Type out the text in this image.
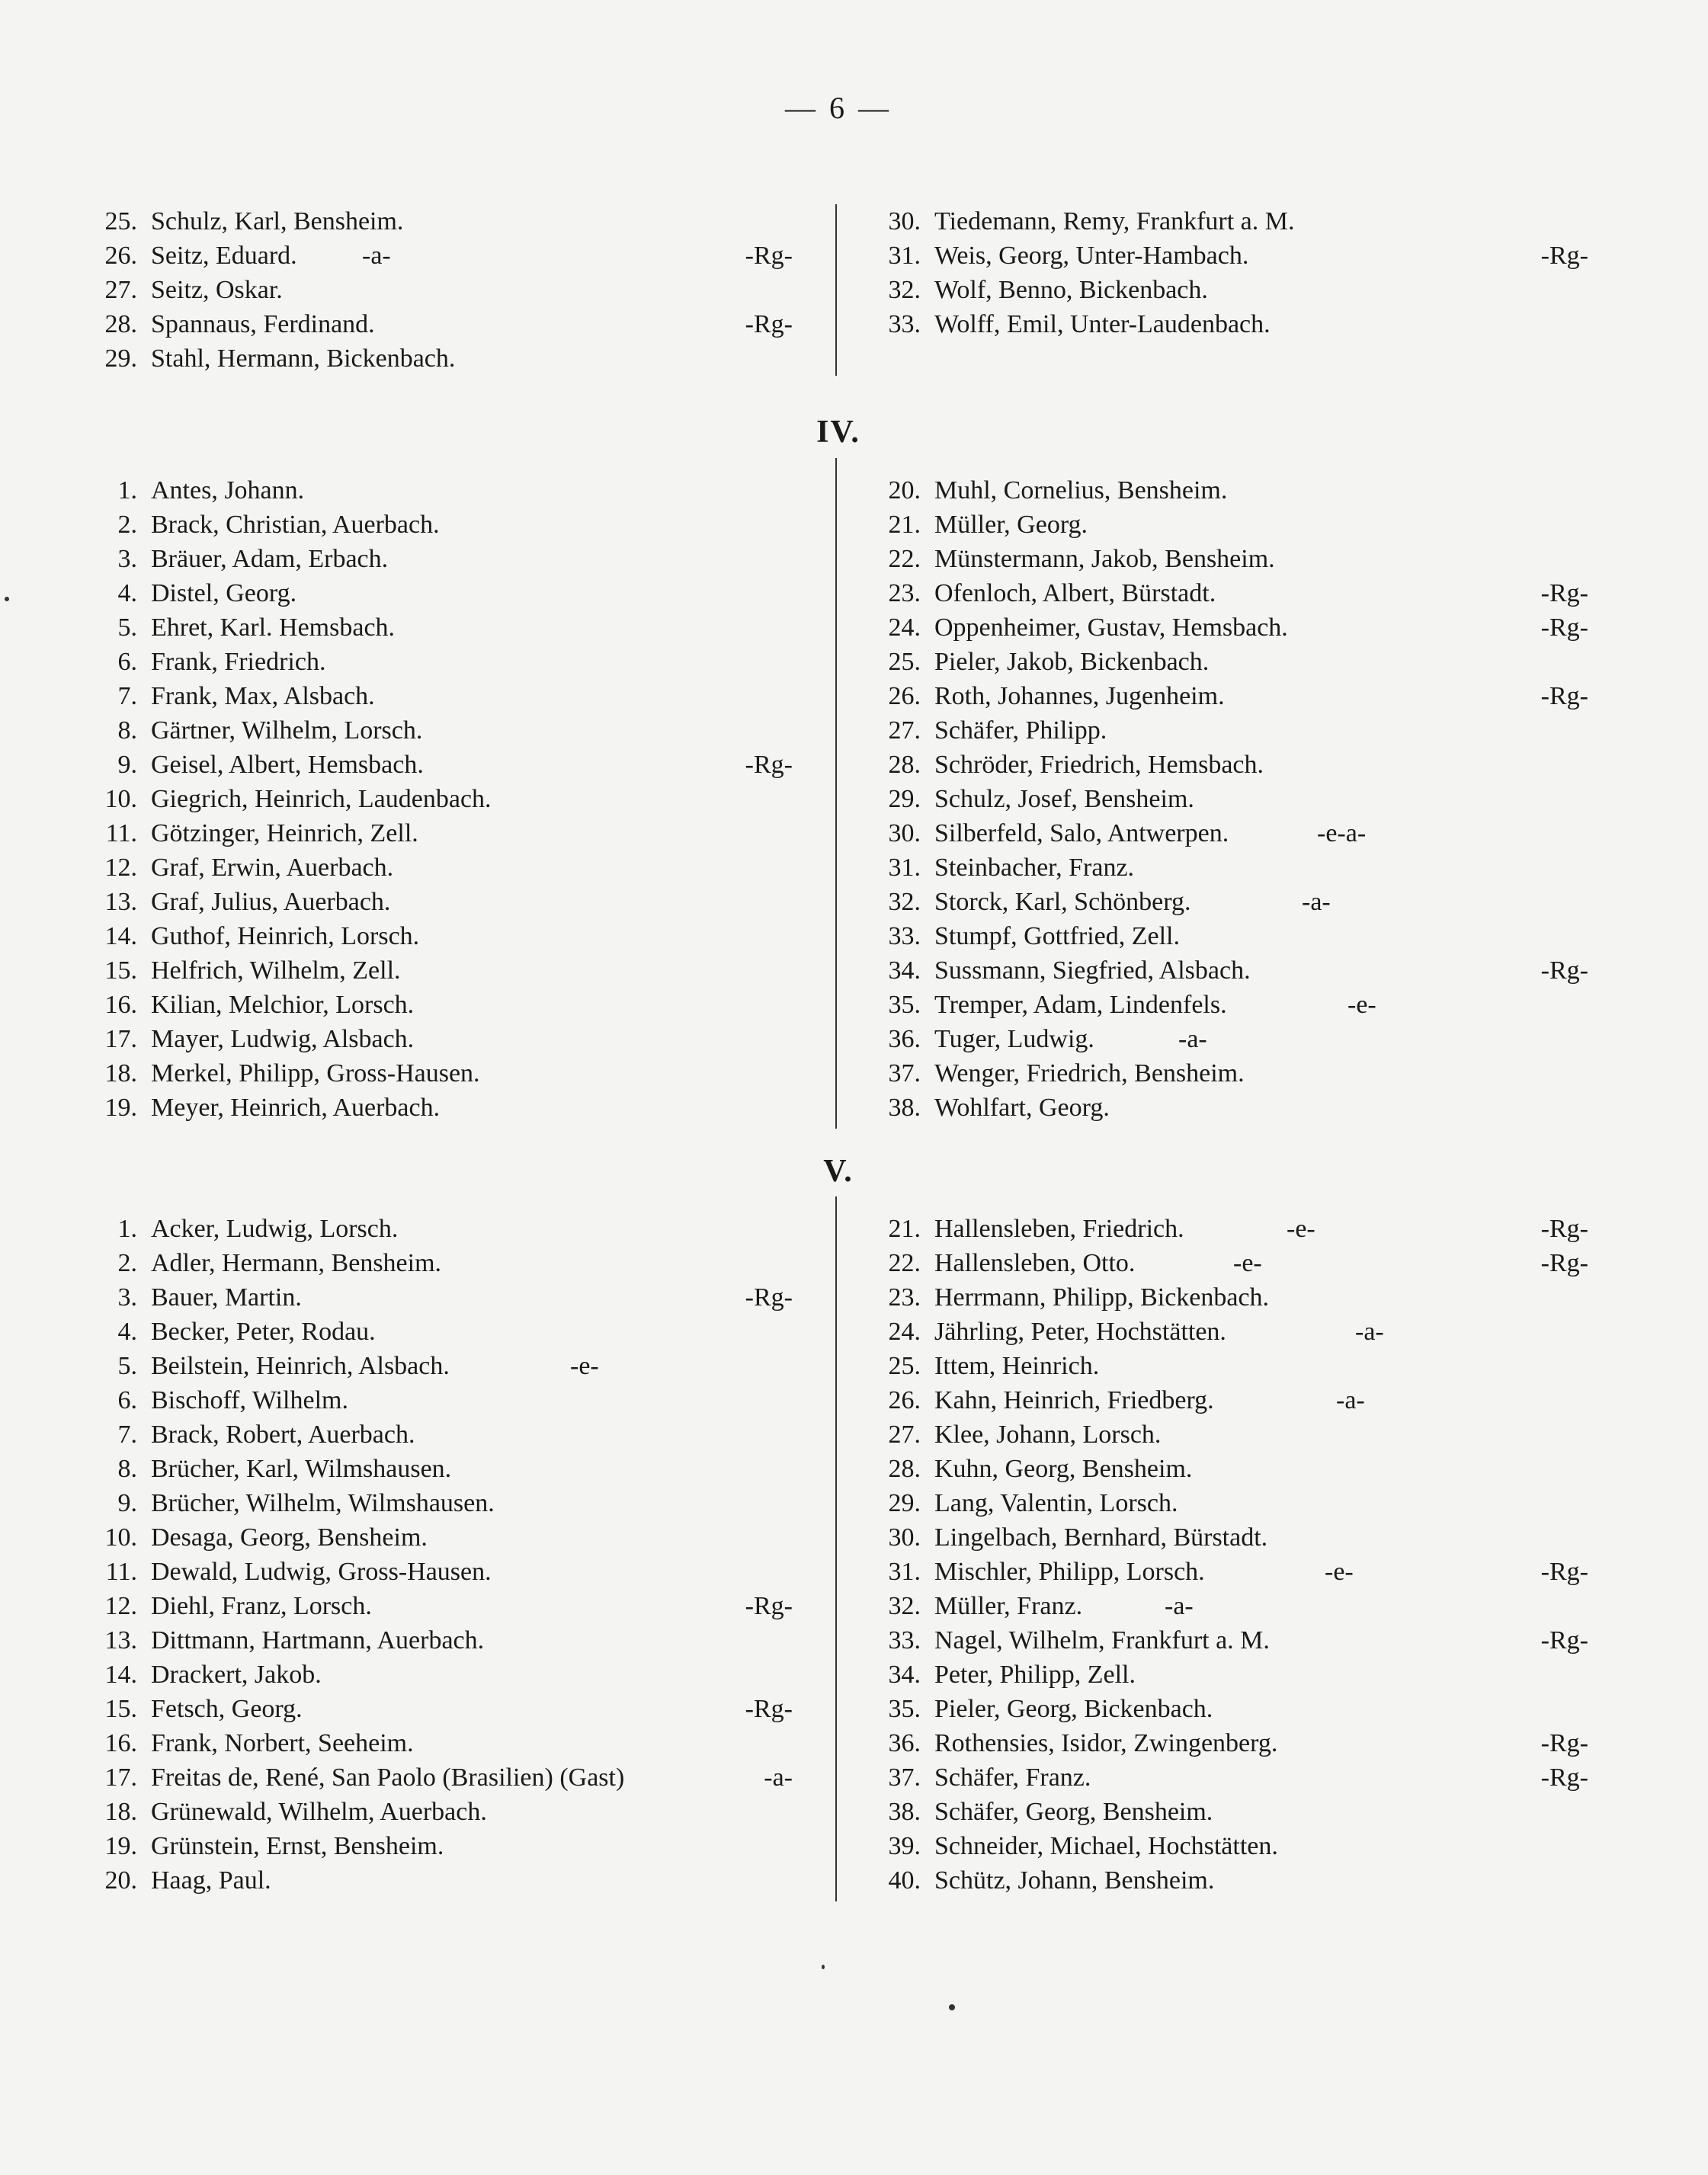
— 6 —
25. Schulz, Karl, Bensheim.
26. Seitz, Eduard.	-a-	-Rg-
27. Seitz, Oskar.
28. Spannaus, Ferdinand.	-Rg-
29. Stahl, Hermann, Bickenbach.
30. Tiedemann, Remy, Frankfurt a. M.
31. Weis, Georg, Unter-Hambach.	-Rg-
32. Wolf, Benno, Bickenbach.
33. Wolff, Emil, Unter-Laudenbach.
IV.
1. Antes, Johann.
2. Brack, Christian, Auerbach.
3. Bräuer, Adam, Erbach.
4. Distel, Georg.
5. Ehret, Karl. Hemsbach.
6. Frank, Friedrich.
7. Frank, Max, Alsbach.
8. Gärtner, Wilhelm, Lorsch.
9. Geisel, Albert, Hemsbach.	-Rg-
10. Giegrich, Heinrich, Laudenbach.
11. Götzinger, Heinrich, Zell.
12. Graf, Erwin, Auerbach.
13. Graf, Julius, Auerbach.
14. Guthof, Heinrich, Lorsch.
15. Helfrich, Wilhelm, Zell.
16. Kilian, Melchior, Lorsch.
17. Mayer, Ludwig, Alsbach.
18. Merkel, Philipp, Gross-Hausen.
19. Meyer, Heinrich, Auerbach.
20. Muhl, Cornelius, Bensheim.
21. Müller, Georg.
22. Münstermann, Jakob, Bensheim.
23. Ofenloch, Albert, Bürstadt.	-Rg-
24. Oppenheimer, Gustav, Hemsbach.	-Rg-
25. Pieler, Jakob, Bickenbach.
26. Roth, Johannes, Jugenheim.	-Rg-
27. Schäfer, Philipp.
28. Schröder, Friedrich, Hemsbach.
29. Schulz, Josef, Bensheim.
30. Silberfeld, Salo, Antwerpen.	-e-a-
31. Steinbacher, Franz.
32. Storck, Karl, Schönberg.	-a-
33. Stumpf, Gottfried, Zell.
34. Sussmann, Siegfried, Alsbach.	-Rg-
35. Tremper, Adam, Lindenfels.	-e-
36. Tuger, Ludwig.	-a-
37. Wenger, Friedrich, Bensheim.
38. Wohlfart, Georg.
V.
1. Acker, Ludwig, Lorsch.
2. Adler, Hermann, Bensheim.
3. Bauer, Martin.	-Rg-
4. Becker, Peter, Rodau.
5. Beilstein, Heinrich, Alsbach.	-e-
6. Bischoff, Wilhelm.
7. Brack, Robert, Auerbach.
8. Brücher, Karl, Wilmshausen.
9. Brücher, Wilhelm, Wilmshausen.
10. Desaga, Georg, Bensheim.
11. Dewald, Ludwig, Gross-Hausen.
12. Diehl, Franz, Lorsch.	-Rg-
13. Dittmann, Hartmann, Auerbach.
14. Drackert, Jakob.
15. Fetsch, Georg.	-Rg-
16. Frank, Norbert, Seeheim.
17. Freitas de, René, San Paolo (Brasilien) (Gast)	-a-
18. Grünewald, Wilhelm, Auerbach.
19. Grünstein, Ernst, Bensheim.
20. Haag, Paul.
21. Hallensleben, Friedrich.	-e-	-Rg-
22. Hallensleben, Otto.	-e-	-Rg-
23. Herrmann, Philipp, Bickenbach.
24. Jährling, Peter, Hochstätten.	-a-
25. Ittem, Heinrich.
26. Kahn, Heinrich, Friedberg.	-a-
27. Klee, Johann, Lorsch.
28. Kuhn, Georg, Bensheim.
29. Lang, Valentin, Lorsch.
30. Lingelbach, Bernhard, Bürstadt.
31. Mischler, Philipp, Lorsch.	-e-	-Rg-
32. Müller, Franz.	-a-
33. Nagel, Wilhelm, Frankfurt a. M.	-Rg-
34. Peter, Philipp, Zell.
35. Pieler, Georg, Bickenbach.
36. Rothensies, Isidor, Zwingenberg.	-Rg-
37. Schäfer, Franz.	-Rg-
38. Schäfer, Georg, Bensheim.
39. Schneider, Michael, Hochstätten.
40. Schütz, Johann, Bensheim.
